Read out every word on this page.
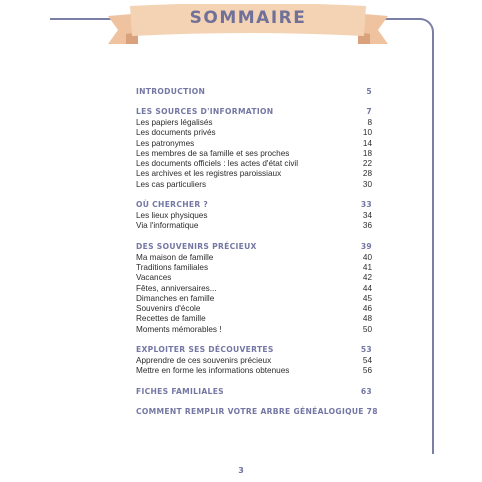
SOMMAIRE
INTRODUCTION	5
LES SOURCES D'INFORMATION	7
Les papiers légalisés	8
Les documents privés	10
Les patronymes	14
Les membres de sa famille et ses proches	18
Les documents officiels : les actes d'état civil	22
Les archives et les registres paroissiaux	28
Les cas particuliers	30
OÙ CHERCHER ?	33
Les lieux physiques	34
Via l'informatique	36
DES SOUVENIRS PRÉCIEUX	39
Ma maison de famille	40
Traditions familiales	41
Vacances	42
Fêtes, anniversaires...	44
Dimanches en famille	45
Souvenirs d'école	46
Recettes de famille	48
Moments mémorables !	50
EXPLOITER SES DÉCOUVERTES	53
Apprendre de ces souvenirs précieux	54
Mettre en forme les informations obtenues	56
FICHES FAMILIALES	63
COMMENT REMPLIR VOTRE ARBRE GÉNÉALOGIQUE 78
3
